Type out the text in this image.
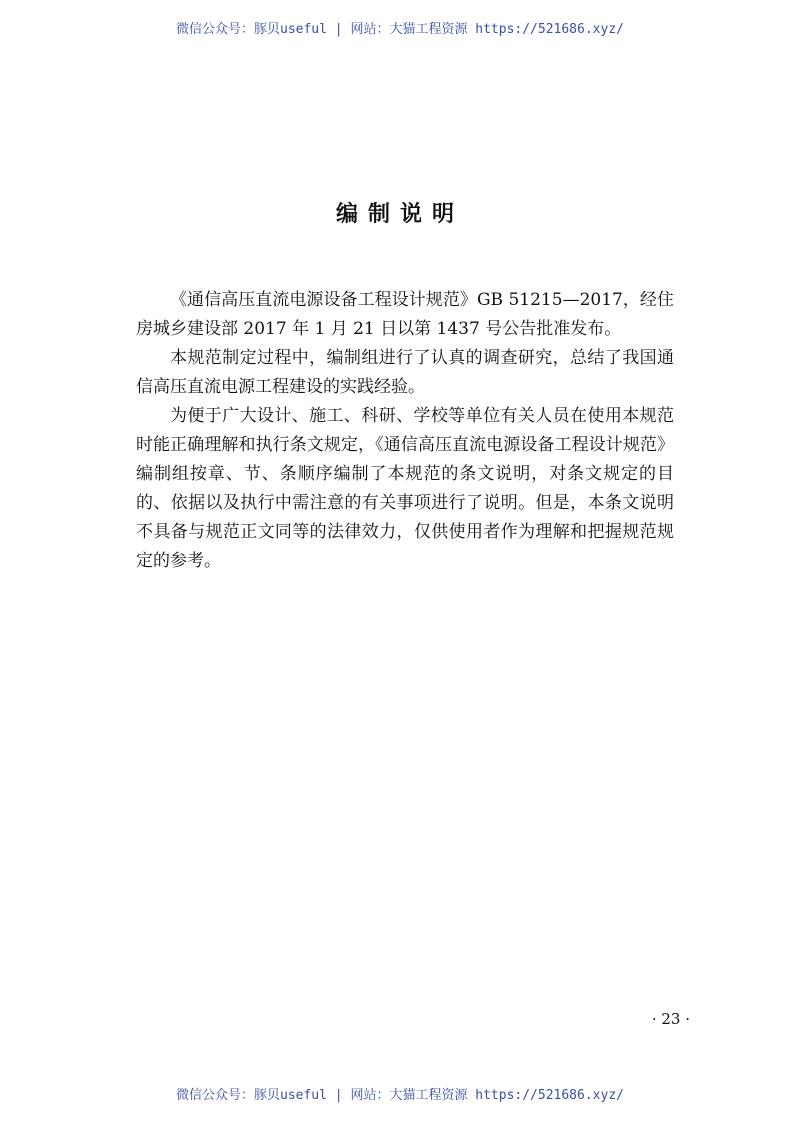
微信公众号：豚贝useful | 网站：大猫工程资源 https://521686.xyz/
编制说明

《通信高压直流电源设备工程设计规范》GB 51215—2017，经住房城乡建设部 2017 年 1 月 21 日以第 1437 号公告批准发布。

本规范制定过程中，编制组进行了认真的调查研究，总结了我国通信高压直流电源工程建设的实践经验。

为便于广大设计、施工、科研、学校等单位有关人员在使用本规范时能正确理解和执行条文规定，《通信高压直流电源设备工程设计规范》编制组按章、节、条顺序编制了本规范的条文说明，对条文规定的目的、依据以及执行中需注意的有关事项进行了说明。但是，本条文说明不具备与规范正文同等的法律效力，仅供使用者作为理解和把握规范规定的参考。

· 23 ·
微信公众号：豚贝useful | 网站：大猫工程资源 https://521686.xyz/
